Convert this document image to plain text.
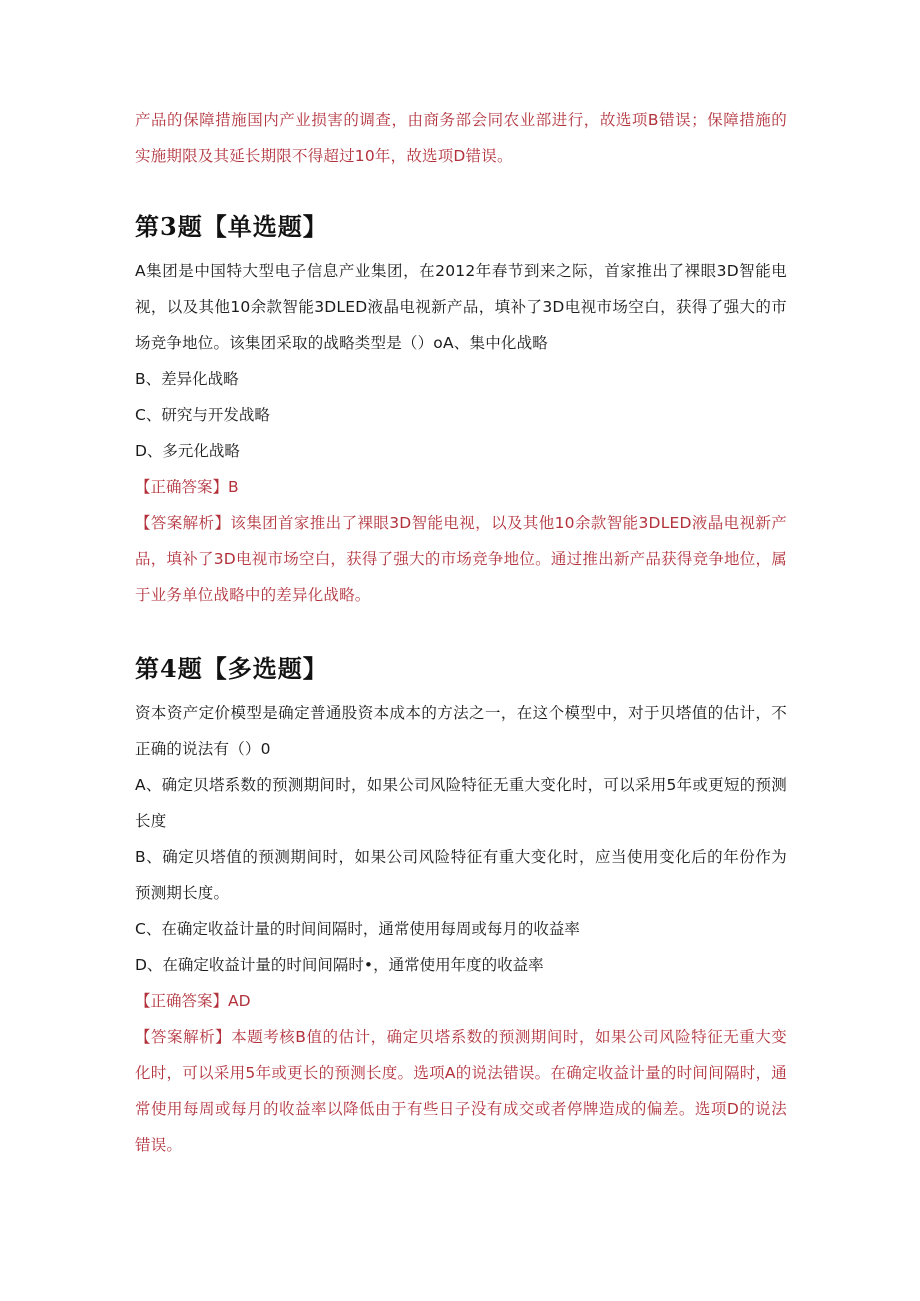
产品的保障措施国内产业损害的调查，由商务部会同农业部进行，故选项B错误；保障措施的实施期限及其延长期限不得超过10年，故选项D错误。

第3题【单选题】

A集团是中国特大型电子信息产业集团，在2012年春节到来之际，首家推出了裸眼3D智能电视，以及其他10余款智能3DLED液晶电视新产品，填补了3D电视市场空白，获得了强大的市场竞争地位。该集团采取的战略类型是（）oA、集中化战略

B、差异化战略

C、研究与开发战略

D、多元化战略

【正确答案】B

【答案解析】该集团首家推出了裸眼3D智能电视，以及其他10余款智能3DLED液晶电视新产品，填补了3D电视市场空白，获得了强大的市场竞争地位。通过推出新产品获得竞争地位，属于业务单位战略中的差异化战略。

第4题【多选题】

资本资产定价模型是确定普通股资本成本的方法之一，在这个模型中，对于贝塔值的估计，不正确的说法有（）0

A、确定贝塔系数的预测期间时，如果公司风险特征无重大变化时，可以采用5年或更短的预测长度

B、确定贝塔值的预测期间时，如果公司风险特征有重大变化时，应当使用变化后的年份作为预测期长度。

C、在确定收益计量的时间间隔时，通常使用每周或每月的收益率

D、在确定收益计量的时间间隔时•，通常使用年度的收益率

【正确答案】AD

【答案解析】本题考核B值的估计，确定贝塔系数的预测期间时，如果公司风险特征无重大变化时，可以采用5年或更长的预测长度。选项A的说法错误。在确定收益计量的时间间隔时，通常使用每周或每月的收益率以降低由于有些日子没有成交或者停牌造成的偏差。选项D的说法错误。
